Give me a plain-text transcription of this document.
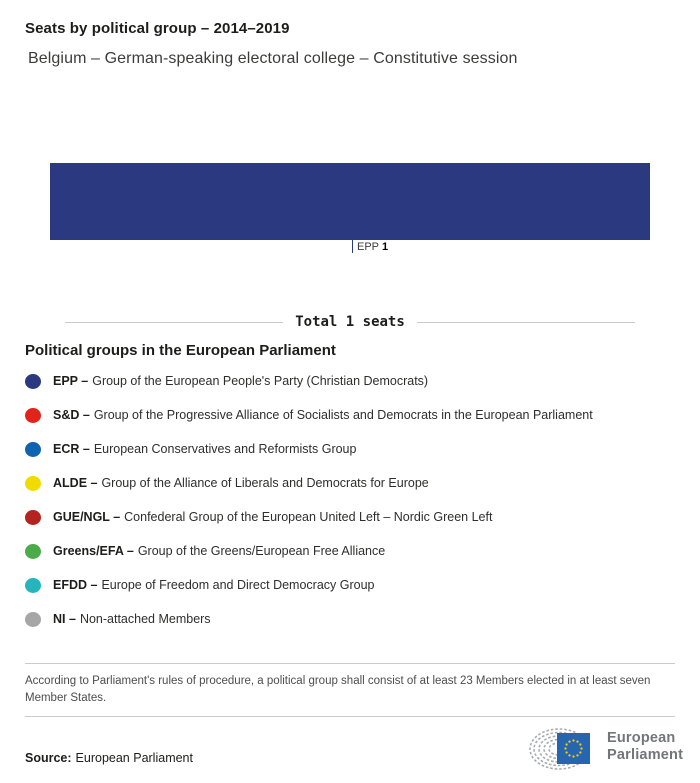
Seats by political group – 2014–2019
Belgium – German-speaking electoral college – Constitutive session
EPP 1
Total 1 seats
Political groups in the European Parliament
EPP – Group of the European People's Party (Christian Democrats)
S&D – Group of the Progressive Alliance of Socialists and Democrats in the European Parliament
ECR – European Conservatives and Reformists Group
ALDE – Group of the Alliance of Liberals and Democrats for Europe
GUE/NGL – Confederal Group of the European United Left – Nordic Green Left
Greens/EFA – Group of the Greens/European Free Alliance
EFDD – Europe of Freedom and Direct Democracy Group
NI – Non-attached Members
According to Parliament's rules of procedure, a political group shall consist of at least 23 Members elected in at least seven Member States.
Source: European Parliament
European
Parliament
